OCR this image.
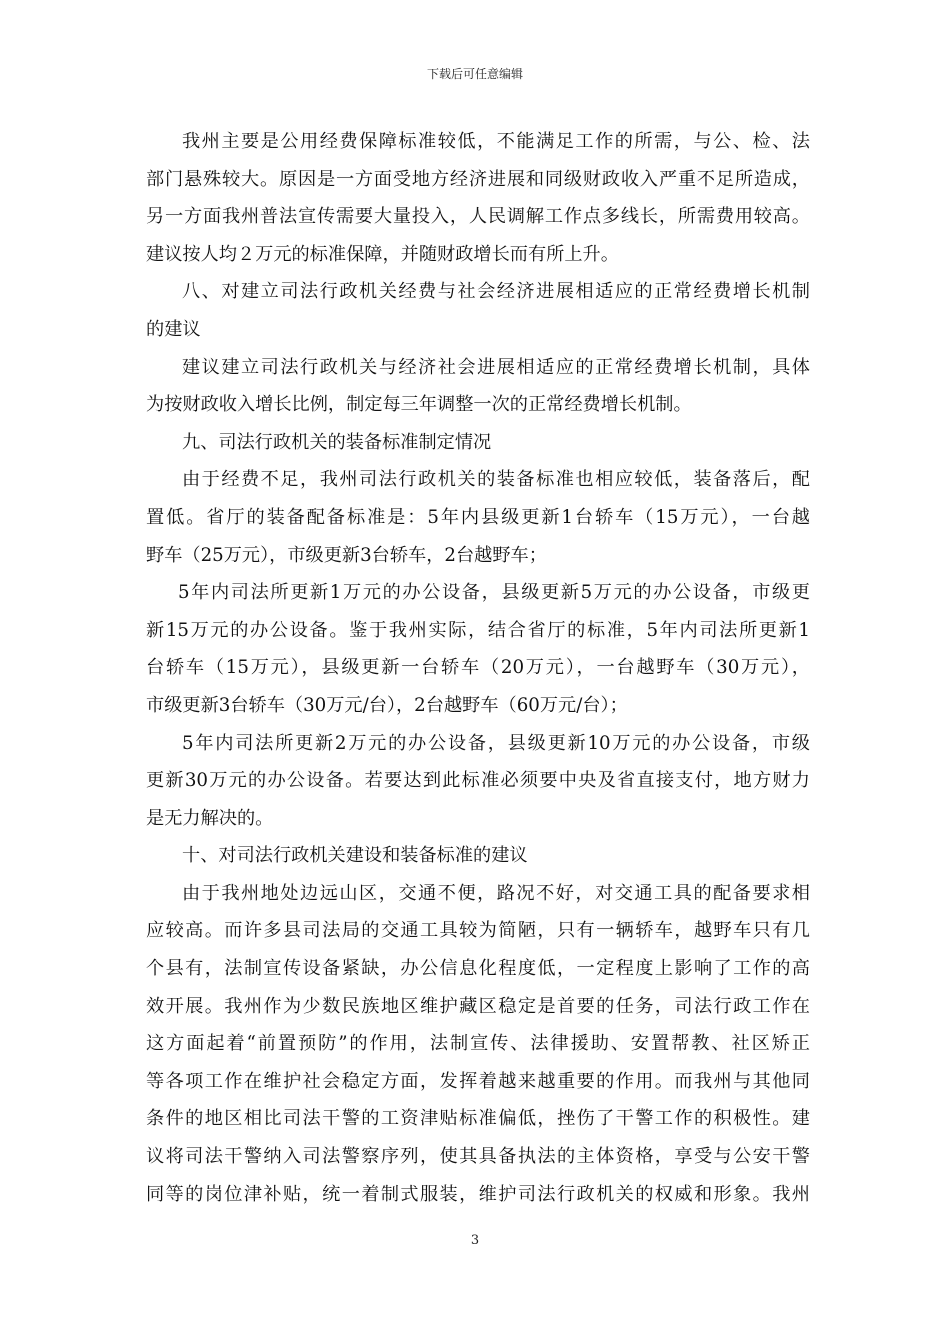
下载后可任意编辑
我州主要是公用经费保障标准较低，不能满足工作的所需，与公、检、法
部门悬殊较大。原因是一方面受地方经济进展和同级财政收入严重不足所造成，
另一方面我州普法宣传需要大量投入，人民调解工作点多线长，所需费用较高。
建议按人均２万元的标准保障，并随财政增长而有所上升。
八、对建立司法行政机关经费与社会经济进展相适应的正常经费增长机制
的建议
建议建立司法行政机关与经济社会进展相适应的正常经费增长机制，具体
为按财政收入增长比例，制定每三年调整一次的正常经费增长机制。
九、司法行政机关的装备标准制定情况
由于经费不足，我州司法行政机关的装备标准也相应较低，装备落后，配
置低。省厅的装备配备标准是：5年内县级更新1台轿车（15万元），一台越
野车（25万元），市级更新3台轿车，2台越野车；
5年内司法所更新1万元的办公设备，县级更新5万元的办公设备，市级更
新15万元的办公设备。鉴于我州实际，结合省厅的标准，5年内司法所更新1
台轿车（15万元），县级更新一台轿车（20万元），一台越野车（30万元），
市级更新3台轿车（30万元/台），2台越野车（60万元/台）；
5年内司法所更新2万元的办公设备，县级更新10万元的办公设备，市级
更新30万元的办公设备。若要达到此标准必须要中央及省直接支付，地方财力
是无力解决的。
十、对司法行政机关建设和装备标准的建议
由于我州地处边远山区，交通不便，路况不好，对交通工具的配备要求相
应较高。而许多县司法局的交通工具较为简陋，只有一辆轿车，越野车只有几
个县有，法制宣传设备紧缺，办公信息化程度低，一定程度上影响了工作的高
效开展。我州作为少数民族地区维护藏区稳定是首要的任务，司法行政工作在
这方面起着“前置预防”的作用，法制宣传、法律援助、安置帮教、社区矫正
等各项工作在维护社会稳定方面，发挥着越来越重要的作用。而我州与其他同
条件的地区相比司法干警的工资津贴标准偏低，挫伤了干警工作的积极性。建
议将司法干警纳入司法警察序列，使其具备执法的主体资格，享受与公安干警
同等的岗位津补贴，统一着制式服装，维护司法行政机关的权威和形象。我州
3
